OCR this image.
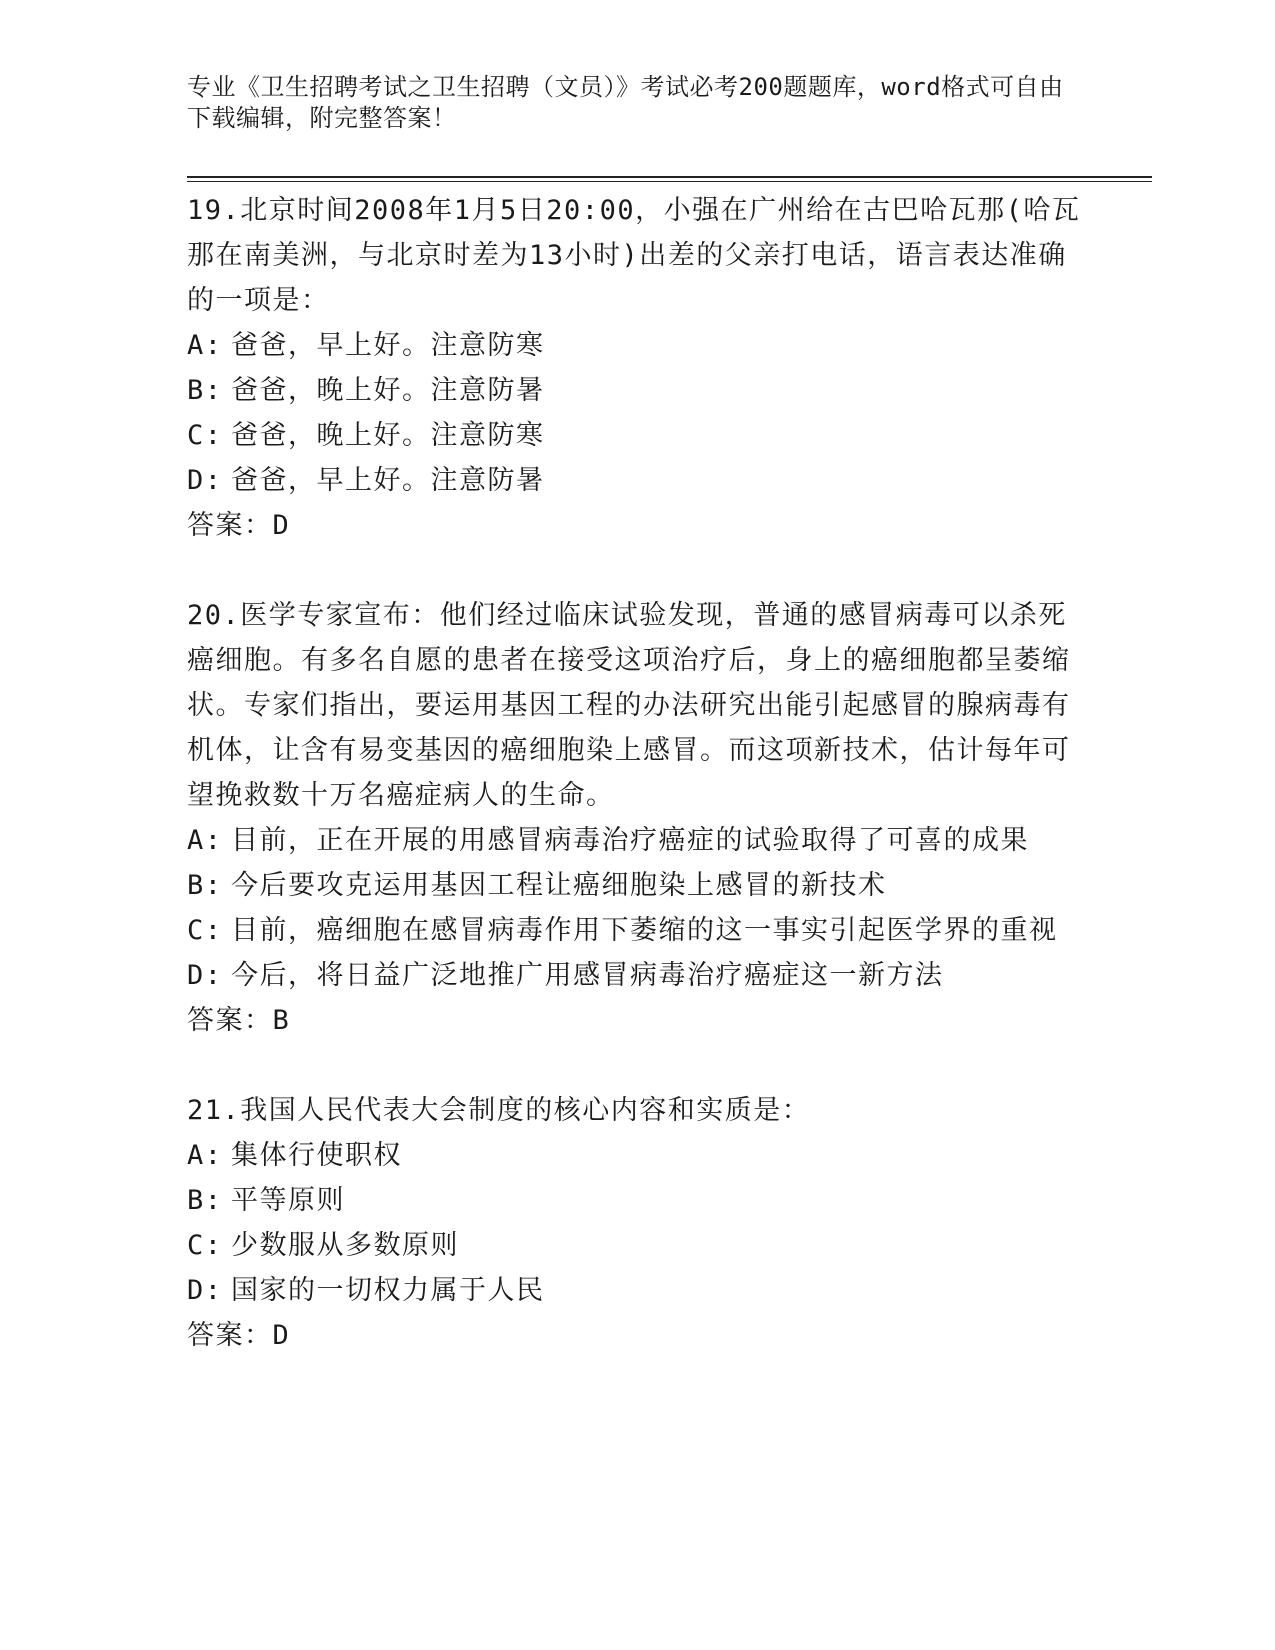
专业《卫生招聘考试之卫生招聘（文员）》考试必考200题题库，word格式可自由下载编辑，附完整答案！

19.北京时间2008年1月5日20:00，小强在广州给在古巴哈瓦那(哈瓦那在南美洲，与北京时差为13小时)出差的父亲打电话，语言表达准确的一项是：

A: 爸爸，早上好。注意防寒
B: 爸爸，晚上好。注意防暑
C: 爸爸，晚上好。注意防寒
D: 爸爸，早上好。注意防暑
答案：D

20.医学专家宣布：他们经过临床试验发现，普通的感冒病毒可以杀死癌细胞。有多名自愿的患者在接受这项治疗后，身上的癌细胞都呈萎缩状。专家们指出，要运用基因工程的办法研究出能引起感冒的腺病毒有机体，让含有易变基因的癌细胞染上感冒。而这项新技术，估计每年可望挽救数十万名癌症病人的生命。

A: 目前，正在开展的用感冒病毒治疗癌症的试验取得了可喜的成果
B: 今后要攻克运用基因工程让癌细胞染上感冒的新技术
C: 目前，癌细胞在感冒病毒作用下萎缩的这一事实引起医学界的重视
D: 今后，将日益广泛地推广用感冒病毒治疗癌症这一新方法
答案：B

21.我国人民代表大会制度的核心内容和实质是：

A: 集体行使职权
B: 平等原则
C: 少数服从多数原则
D: 国家的一切权力属于人民
答案：D
